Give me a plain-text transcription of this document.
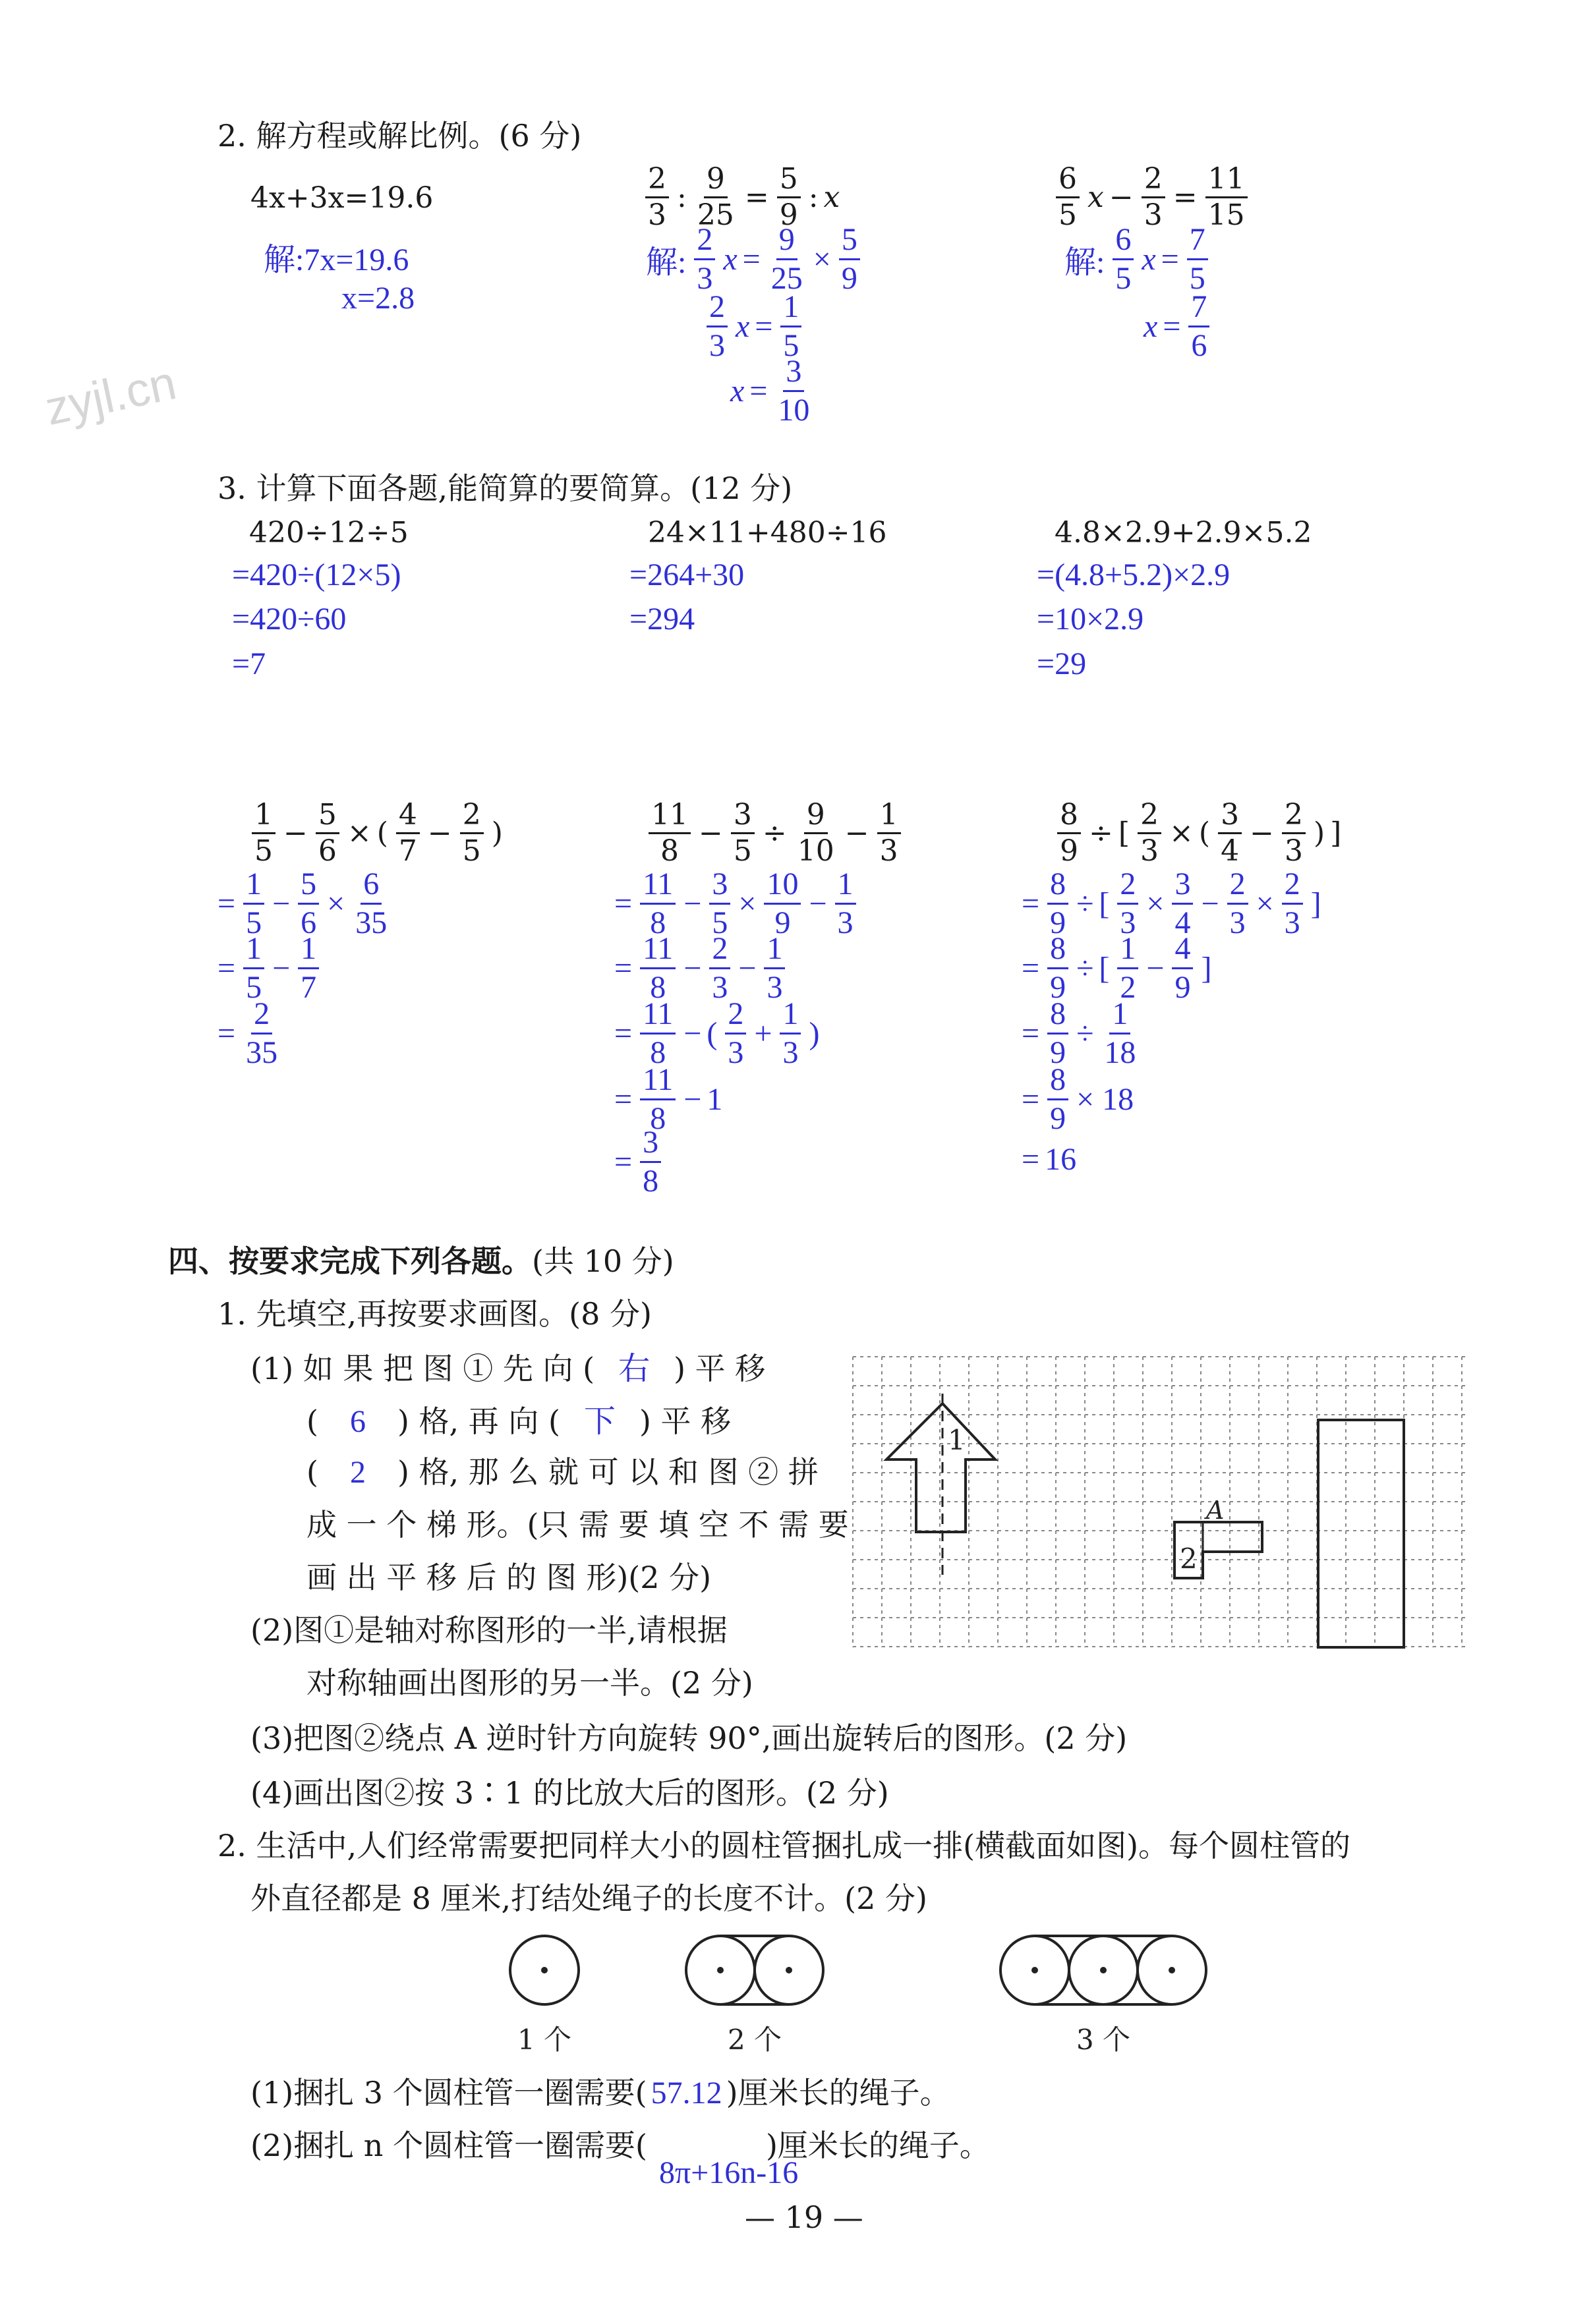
zyjl.cn
2. 解方程或解比例。(6 分)
4x+3x=19.6
解:7x=19.6
x=2.8
$\frac{2}{3}$ : $\frac{9}{25} = \frac{5}{9}$ : x
解: $\frac{2}{3}$ $x = \frac{9}{25} \times \frac{5}{9}$
$\frac{2}{3}$ $x = \frac{1}{5}$
$x = \frac{3}{10}$
$\frac{6}{5}$ $x - \frac{2}{3} = \frac{11}{15}$
解: $\frac{6}{5}$ $x = \frac{7}{5}$
$x = \frac{7}{6}$
3. 计算下面各题,能简算的要简算。(12 分)
420÷12÷5
=420÷(12×5)
=420÷60
=7
24×11+480÷16
=264+30
=294
4.8×2.9+2.9×5.2
=(4.8+5.2)×2.9
=10×2.9
=29
$\frac{1}{5} - \frac{5}{6}$ × ( $\frac{4}{7} - \frac{2}{5}$ )
= $\frac{1}{5} - \frac{5}{6} \times \frac{6}{35}$
= $\frac{1}{5} - \frac{1}{7}$
= $\frac{2}{35}$
$\frac{11}{8} - \frac{3}{5} \div \frac{9}{10} - \frac{1}{3}$
= $\frac{11}{8} - \frac{3}{5} \times \frac{10}{9} - \frac{1}{3}$
= $\frac{11}{8} - \frac{2}{3} - \frac{1}{3}$
= $\frac{11}{8}$ − ( $\frac{2}{3} + \frac{1}{3}$ )
= $\frac{11}{8} - 1$
= $\frac{3}{8}$
$\frac{8}{9}$ ÷ [ $\frac{2}{3}$ × ( $\frac{3}{4} - \frac{2}{3}$ ) ]
= $\frac{8}{9}$ ÷ [ $\frac{2}{3} \times \frac{3}{4} - \frac{2}{3} \times \frac{2}{3}$ ]
= $\frac{8}{9}$ ÷ [ $\frac{1}{2} - \frac{4}{9}$ ]
= $\frac{8}{9} \div \frac{1}{18}$
= $\frac{8}{9} \times 18$
= 16
四、按要求完成下列各题。(共 10 分)
1. 先填空,再按要求画图。(8 分)
(1) 如 果 把 图 ① 先 向 ( 右 ) 平 移
( 6 ) 格, 再 向 ( 下 ) 平 移
( 2 ) 格, 那 么 就 可 以 和 图 ② 拼
成 一 个 梯 形。(只 需 要 填 空 不 需 要
画 出 平 移 后 的 图 形)(2 分)
(2)图①是轴对称图形的一半,请根据
对称轴画出图形的另一半。(2 分)
(3)把图②绕点 A 逆时针方向旋转 90°,画出旋转后的图形。(2 分)
(4)画出图②按 3∶1 的比放大后的图形。(2 分)
1
2
A
2. 生活中,人们经常需要把同样大小的圆柱管捆扎成一排(横截面如图)。每个圆柱管的
外直径都是 8 厘米,打结处绳子的长度不计。(2 分)
1 个	2 个	3 个
(1)捆扎 3 个圆柱管一圈需要( 57.12 )厘米长的绳子。
(2)捆扎 n 个圆柱管一圈需要(	)厘米长的绳子。
8π+16n-16
— 19 —
